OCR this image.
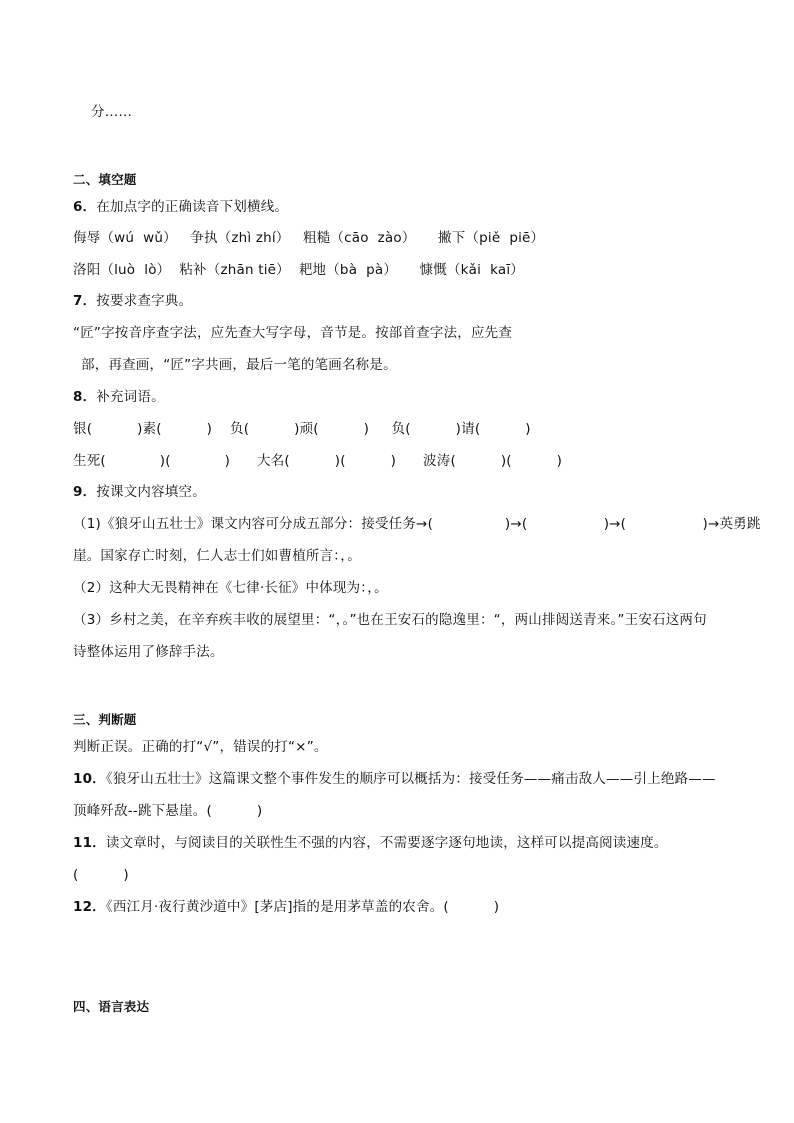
分……
二、填空题
6．在加点字的正确读音下划横线。
侮辱（wú  wǔ）   争执（zhì zhí）   粗糙（cāo  zào）     撇下（piě  piē）
洛阳（luò  lò）  粘补（zhān tiē）  耙地（bà  pà）     慷慨（kǎi  kaī）
7．按要求查字典。
“匠”字按音序查字法，应先查大写字母，音节是。按部首查字法，应先查
部，再查画，“匠”字共画，最后一笔的笔画名称是。
8．补充词语。
银(          )素(          )    负(          )顽(          )     负(          )请(          )
生死(            )(            )      大名(          )(          )      波涛(          )(          )
9．按课文内容填空。
（1)《狼牙山五壮士》课文内容可分成五部分：接受任务→(                )→(                 )→(                 )→英勇跳
崖。国家存亡时刻，仁人志士们如曹植所言：，。
（2）这种大无畏精神在《七律·长征》中体现为：，。
（3）乡村之美，在辛弃疾丰收的展望里：“，。”也在王安石的隐逸里：“，两山排闼送青来。”王安石这两句
诗整体运用了修辞手法。
三、判断题
判断正误。正确的打“√”，错误的打“×”。
10．《狼牙山五壮士》这篇课文整个事件发生的顺序可以概括为：接受任务——痛击敌人——引上绝路——
顶峰歼敌--跳下悬崖。(          )
11．读文章时，与阅读目的关联性生不强的内容，不需要逐字逐句地读，这样可以提高阅读速度。
(          )
12．《西江月·夜行黄沙道中》[茅店]指的是用茅草盖的农舍。(          )
四、语言表达
